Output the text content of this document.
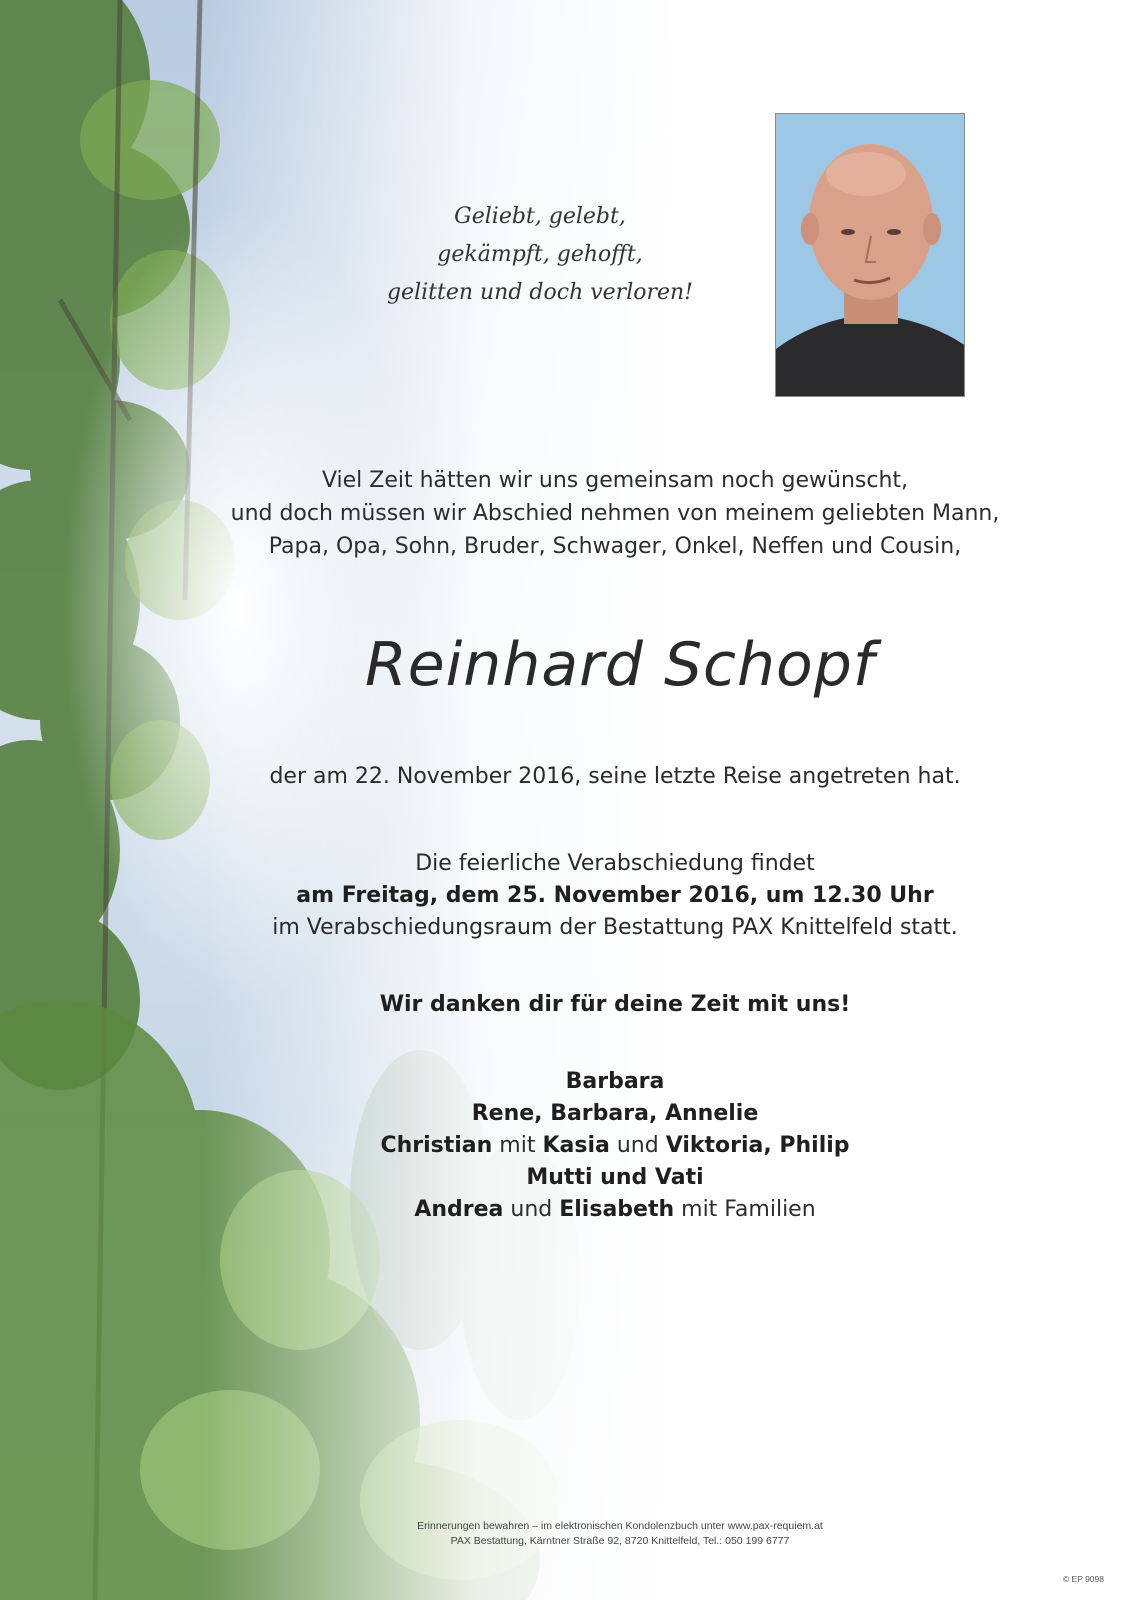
Geliebt, gelebt,
gekämpft, gehofft,
gelitten und doch verloren!
Viel Zeit hätten wir uns gemeinsam noch gewünscht,
und doch müssen wir Abschied nehmen von meinem geliebten Mann,
Papa, Opa, Sohn, Bruder, Schwager, Onkel, Neffen und Cousin,
Reinhard Schopf
der am 22. November 2016, seine letzte Reise angetreten hat.
Die feierliche Verabschiedung findet
am Freitag, dem 25. November 2016, um 12.30 Uhr
im Verabschiedungsraum der Bestattung PAX Knittelfeld statt.
Wir danken dir für deine Zeit mit uns!
Barbara
Rene, Barbara, Annelie
Christian mit Kasia und Viktoria, Philip
Mutti und Vati
Andrea und Elisabeth mit Familien
Erinnerungen bewahren – im elektronischen Kondolenzbuch unter www.pax-requiem.at
PAX Bestattung, Kärntner Straße 92, 8720 Knittelfeld, Tel.: 050 199 6777
© EP 9098
